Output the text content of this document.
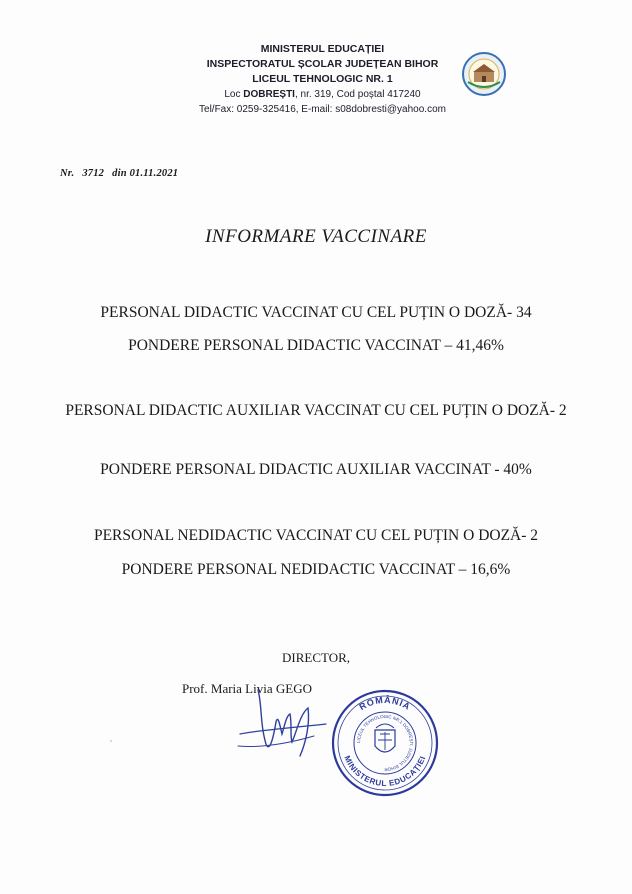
MINISTERUL EDUCAȚIEI
INSPECTORATUL ȘCOLAR JUDEȚEAN BIHOR
LICEUL TEHNOLOGIC NR. 1
Loc DOBREȘTI, nr. 319, Cod poștal 417240
Tel/Fax: 0259-325416, E-mail: s08dobresti@yahoo.com
Nr. 3712 din 01.11.2021
INFORMARE VACCINARE
PERSONAL DIDACTIC VACCINAT CU CEL PUȚIN O DOZĂ- 34
PONDERE PERSONAL DIDACTIC VACCINAT – 41,46%
PERSONAL DIDACTIC AUXILIAR VACCINAT CU CEL PUȚIN O DOZĂ- 2
PONDERE PERSONAL DIDACTIC AUXILIAR VACCINAT - 40%
PERSONAL NEDIDACTIC VACCINAT CU CEL PUȚIN O DOZĂ- 2
PONDERE PERSONAL NEDIDACTIC VACCINAT – 16,6%
DIRECTOR,
Prof. Maria Livia GEGO
ROMÂNIA
MINISTERUL EDUCAȚIEI
LICEUL TEHNOLOGIC NR.1 DOBREȘTI, JUDEȚUL BIHOR
